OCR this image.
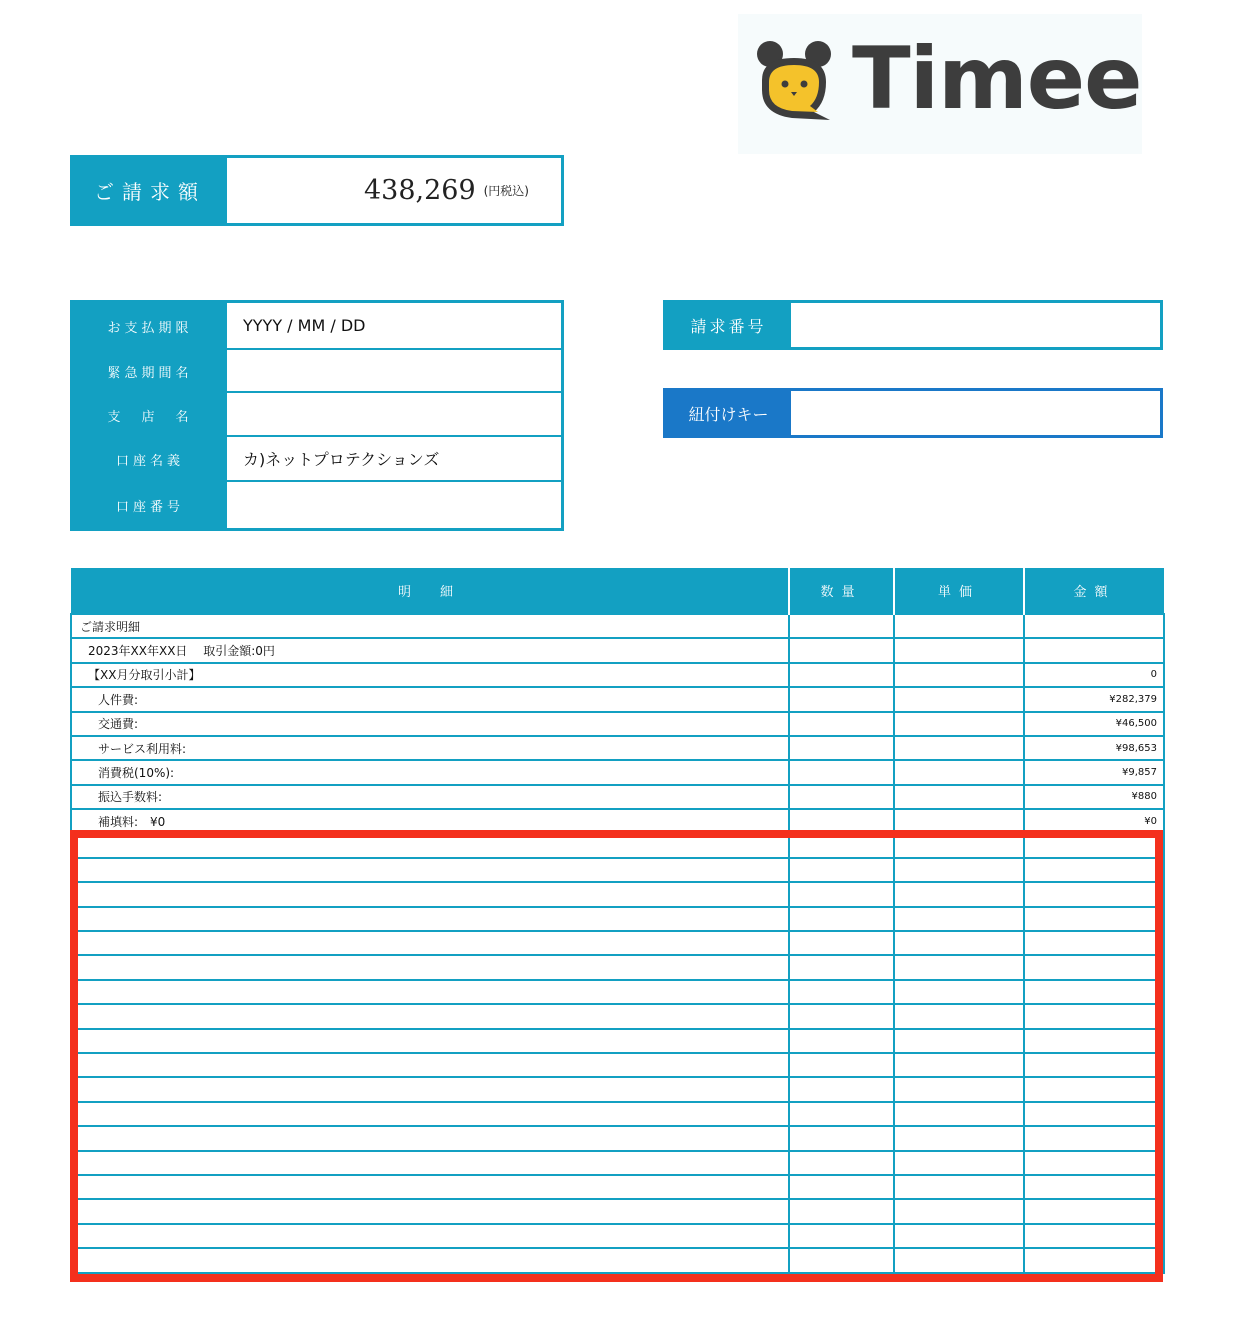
Timee
ご請求額	438,269 (円税込)
お支払期限	YYYY / MM / DD
緊急期間名
支　店　名
口座名義	カ)ネットプロテクションズ
口座番号
請求番号
紐付けキー
明　細	数量	単価	金額
ご請求明細			
2023年XX年XX日　 取引金額:0円			
【XX月分取引小計】			0
人件費:			¥282,379
交通費:			¥46,500
サービス利用料:			¥98,653
消費税(10%):			¥9,857
振込手数料:			¥880
補填料:　¥0			¥0
